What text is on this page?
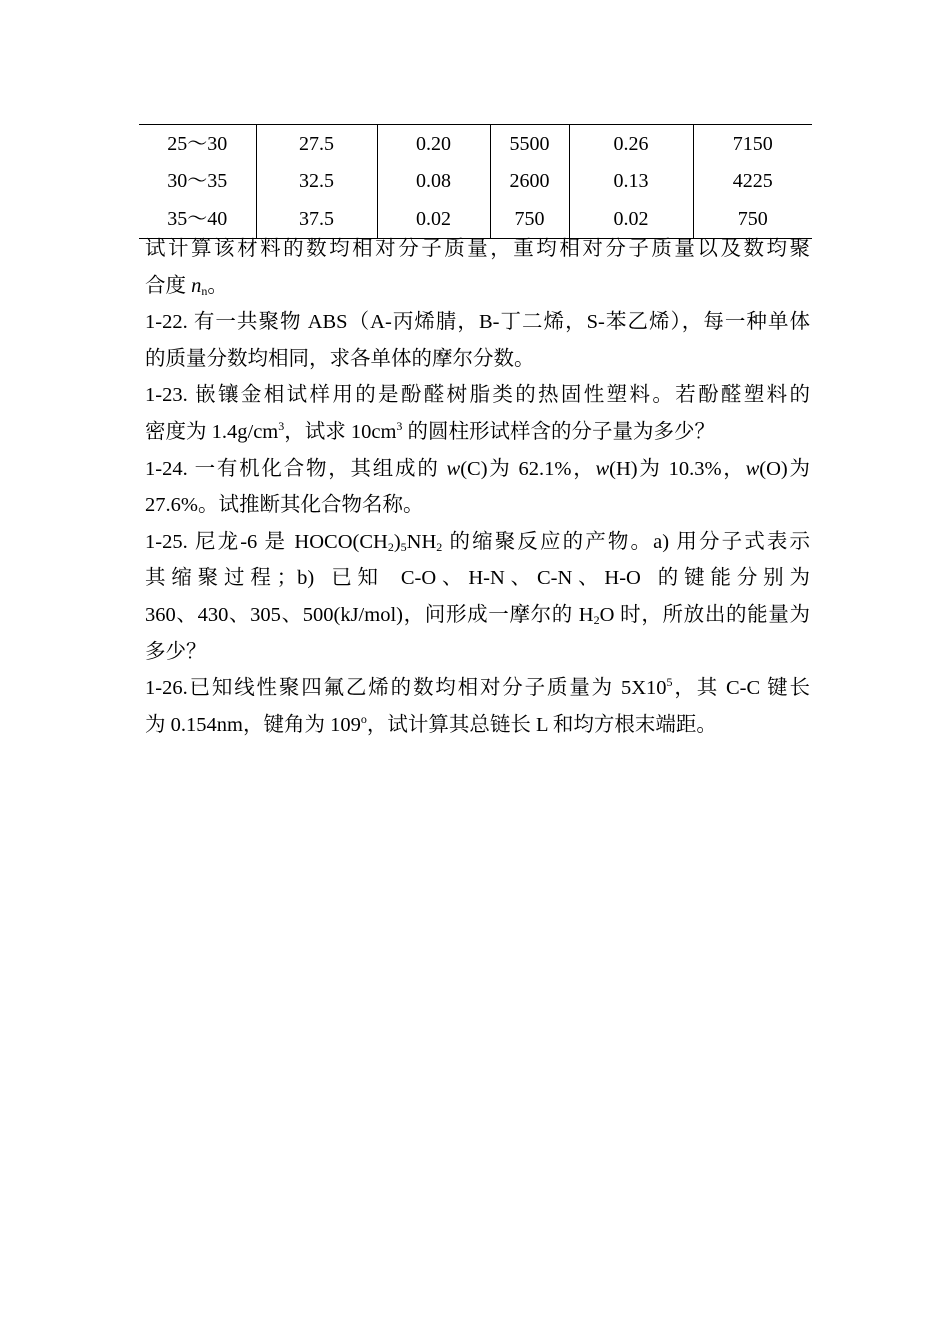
25～30	27.5	0.20	5500	0.26	7150
30～35	32.5	0.08	2600	0.13	4225
35～40	37.5	0.02	750	0.02	750

试计算该材料的数均相对分子质量，重均相对分子质量以及数均聚

合度 $n_n$。

1-22. 有一共聚物 ABS（A-丙烯腈，B-丁二烯，S-苯乙烯），每一种单体

的质量分数均相同，求各单体的摩尔分数。

1-23. 嵌镶金相试样用的是酚醛树脂类的热固性塑料。若酚醛塑料的

密度为 $1.4g/cm^3$，试求 $10cm^3$ 的圆柱形试样含的分子量为多少？

1-24. 一有机化合物，其组成的 w(C)为 62.1%，w(H)为 10.3%，w(O)为

27.6%。试推断其化合物名称。

1-25. 尼龙-6 是 $HOCO(CH_2)_5NH_2$ 的缩聚反应的产物。a) 用分子式表示

其缩聚过程；b) 已知 C-O、H-N、C-N、H-O 的键能分别为

360、430、305、500(kJ/mol)，问形成一摩尔的 $H_2O$ 时，所放出的能量为

多少？

1-26.已知线性聚四氟乙烯的数均相对分子质量为 $5X10^5$，其 C-C 键长

为 0.154nm，键角为 109$^o$，试计算其总链长 L 和均方根末端距。
